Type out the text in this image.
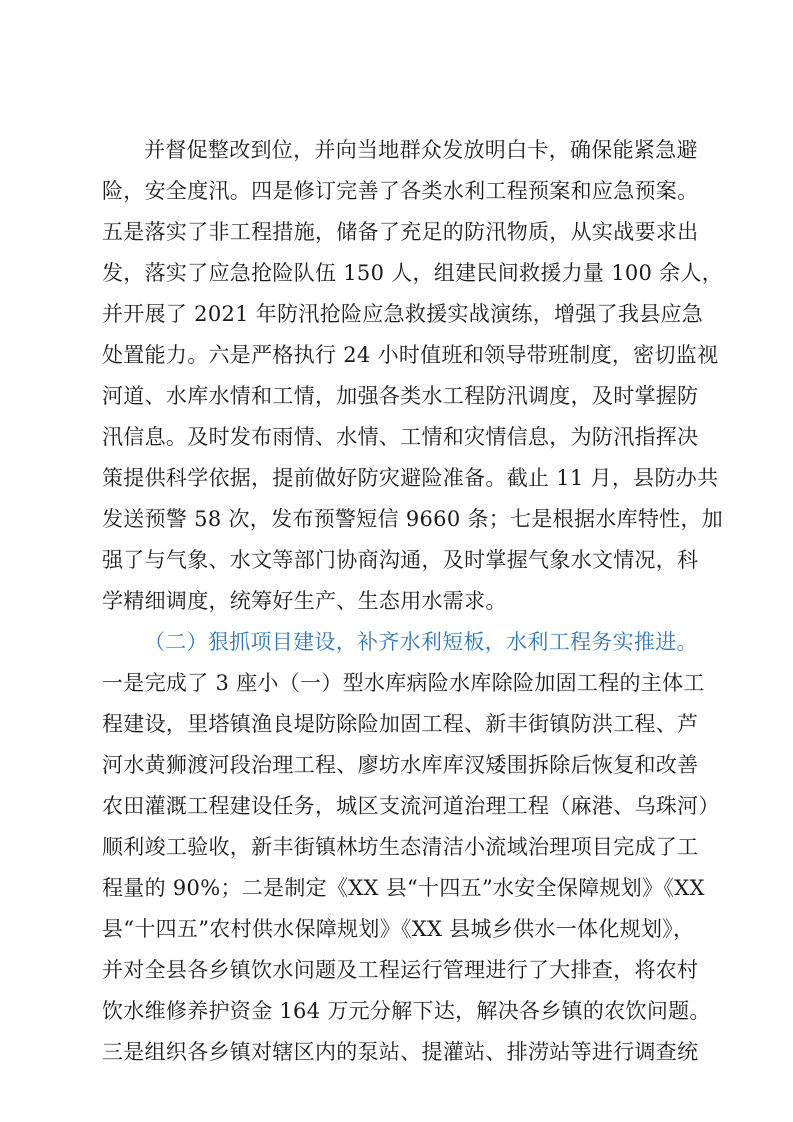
并督促整改到位，并向当地群众发放明白卡，确保能紧急避
险，安全度汛。四是修订完善了各类水利工程预案和应急预案。
五是落实了非工程措施，储备了充足的防汛物质，从实战要求出
发，落实了应急抢险队伍 150 人，组建民间救援力量 100 余人，
并开展了 2021 年防汛抢险应急救援实战演练，增强了我县应急
处置能力。六是严格执行 24 小时值班和领导带班制度，密切监视
河道、水库水情和工情，加强各类水工程防汛调度，及时掌握防
汛信息。及时发布雨情、水情、工情和灾情信息，为防汛指挥决
策提供科学依据，提前做好防灾避险准备。截止 11 月，县防办共
发送预警 58 次，发布预警短信 9660 条；七是根据水库特性，加
强了与气象、水文等部门协商沟通，及时掌握气象水文情况，科
学精细调度，统筹好生产、生态用水需求。
（二）狠抓项目建设，补齐水利短板，水利工程务实推进。
一是完成了 3 座小（一）型水库病险水库除险加固工程的主体工
程建设，里塔镇渔良堤防除险加固工程、新丰街镇防洪工程、芦
河水黄狮渡河段治理工程、廖坊水库库汊矮围拆除后恢复和改善
农田灌溉工程建设任务，城区支流河道治理工程（麻港、乌珠河）
顺利竣工验收，新丰街镇林坊生态清洁小流域治理项目完成了工
程量的 90%；二是制定《XX 县“十四五”水安全保障规划》《XX
县“十四五”农村供水保障规划》《XX 县城乡供水一体化规划》，
并对全县各乡镇饮水问题及工程运行管理进行了大排查，将农村
饮水维修养护资金 164 万元分解下达，解决各乡镇的农饮问题。
三是组织各乡镇对辖区内的泵站、提灌站、排涝站等进行调查统
